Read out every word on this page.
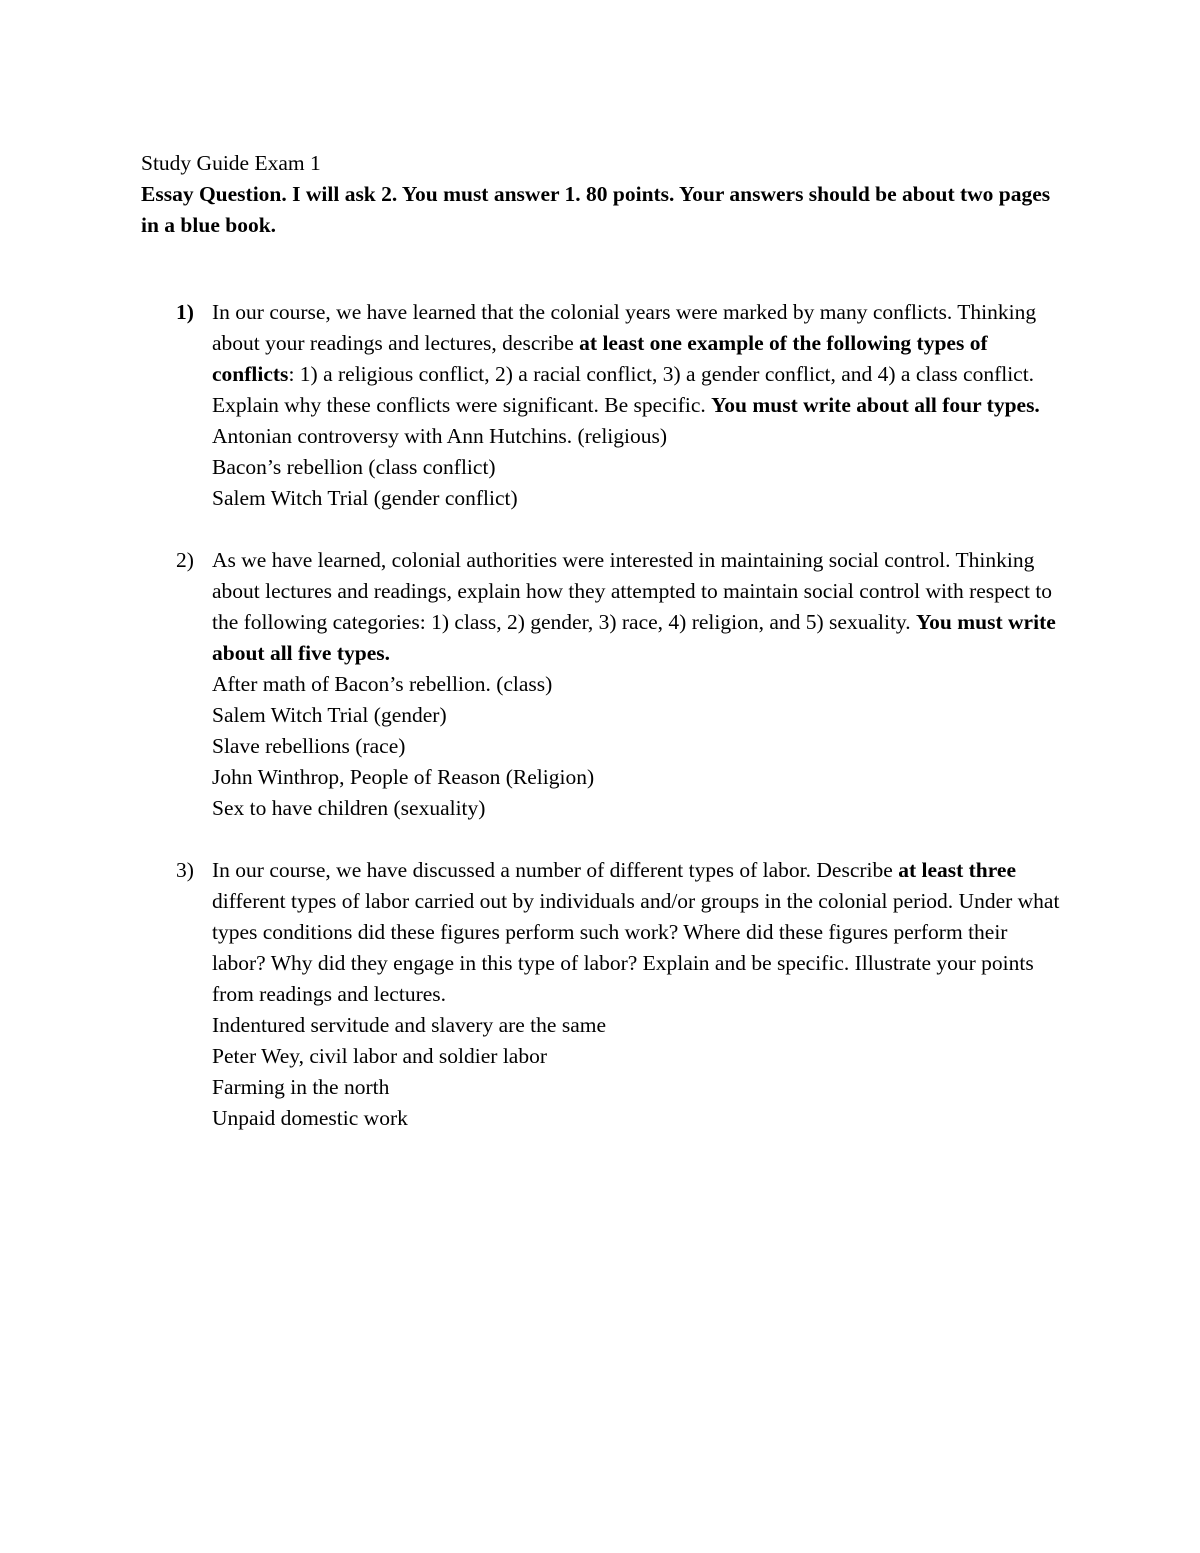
Study Guide Exam 1

Essay Question. I will ask 2. You must answer 1. 80 points. Your answers should be about two pages in a blue book.

1) In our course, we have learned that the colonial years were marked by many conflicts. Thinking about your readings and lectures, describe at least one example of the following types of conflicts: 1) a religious conflict, 2) a racial conflict, 3) a gender conflict, and 4) a class conflict. Explain why these conflicts were significant. Be specific. You must write about all four types.

Antonian controversy with Ann Hutchins. (religious)
Bacon’s rebellion (class conflict)
Salem Witch Trial (gender conflict)
2) As we have learned, colonial authorities were interested in maintaining social control. Thinking about lectures and readings, explain how they attempted to maintain social control with respect to the following categories: 1) class, 2) gender, 3) race, 4) religion, and 5) sexuality. You must write about all five types.

After math of Bacon’s rebellion. (class)
Salem Witch Trial (gender)
Slave rebellions (race)
John Winthrop, People of Reason (Religion)
Sex to have children (sexuality)
3) In our course, we have discussed a number of different types of labor. Describe at least three different types of labor carried out by individuals and/or groups in the colonial period. Under what types conditions did these figures perform such work? Where did these figures perform their labor? Why did they engage in this type of labor? Explain and be specific. Illustrate your points from readings and lectures.

Indentured servitude and slavery are the same
Peter Wey, civil labor and soldier labor
Farming in the north
Unpaid domestic work
